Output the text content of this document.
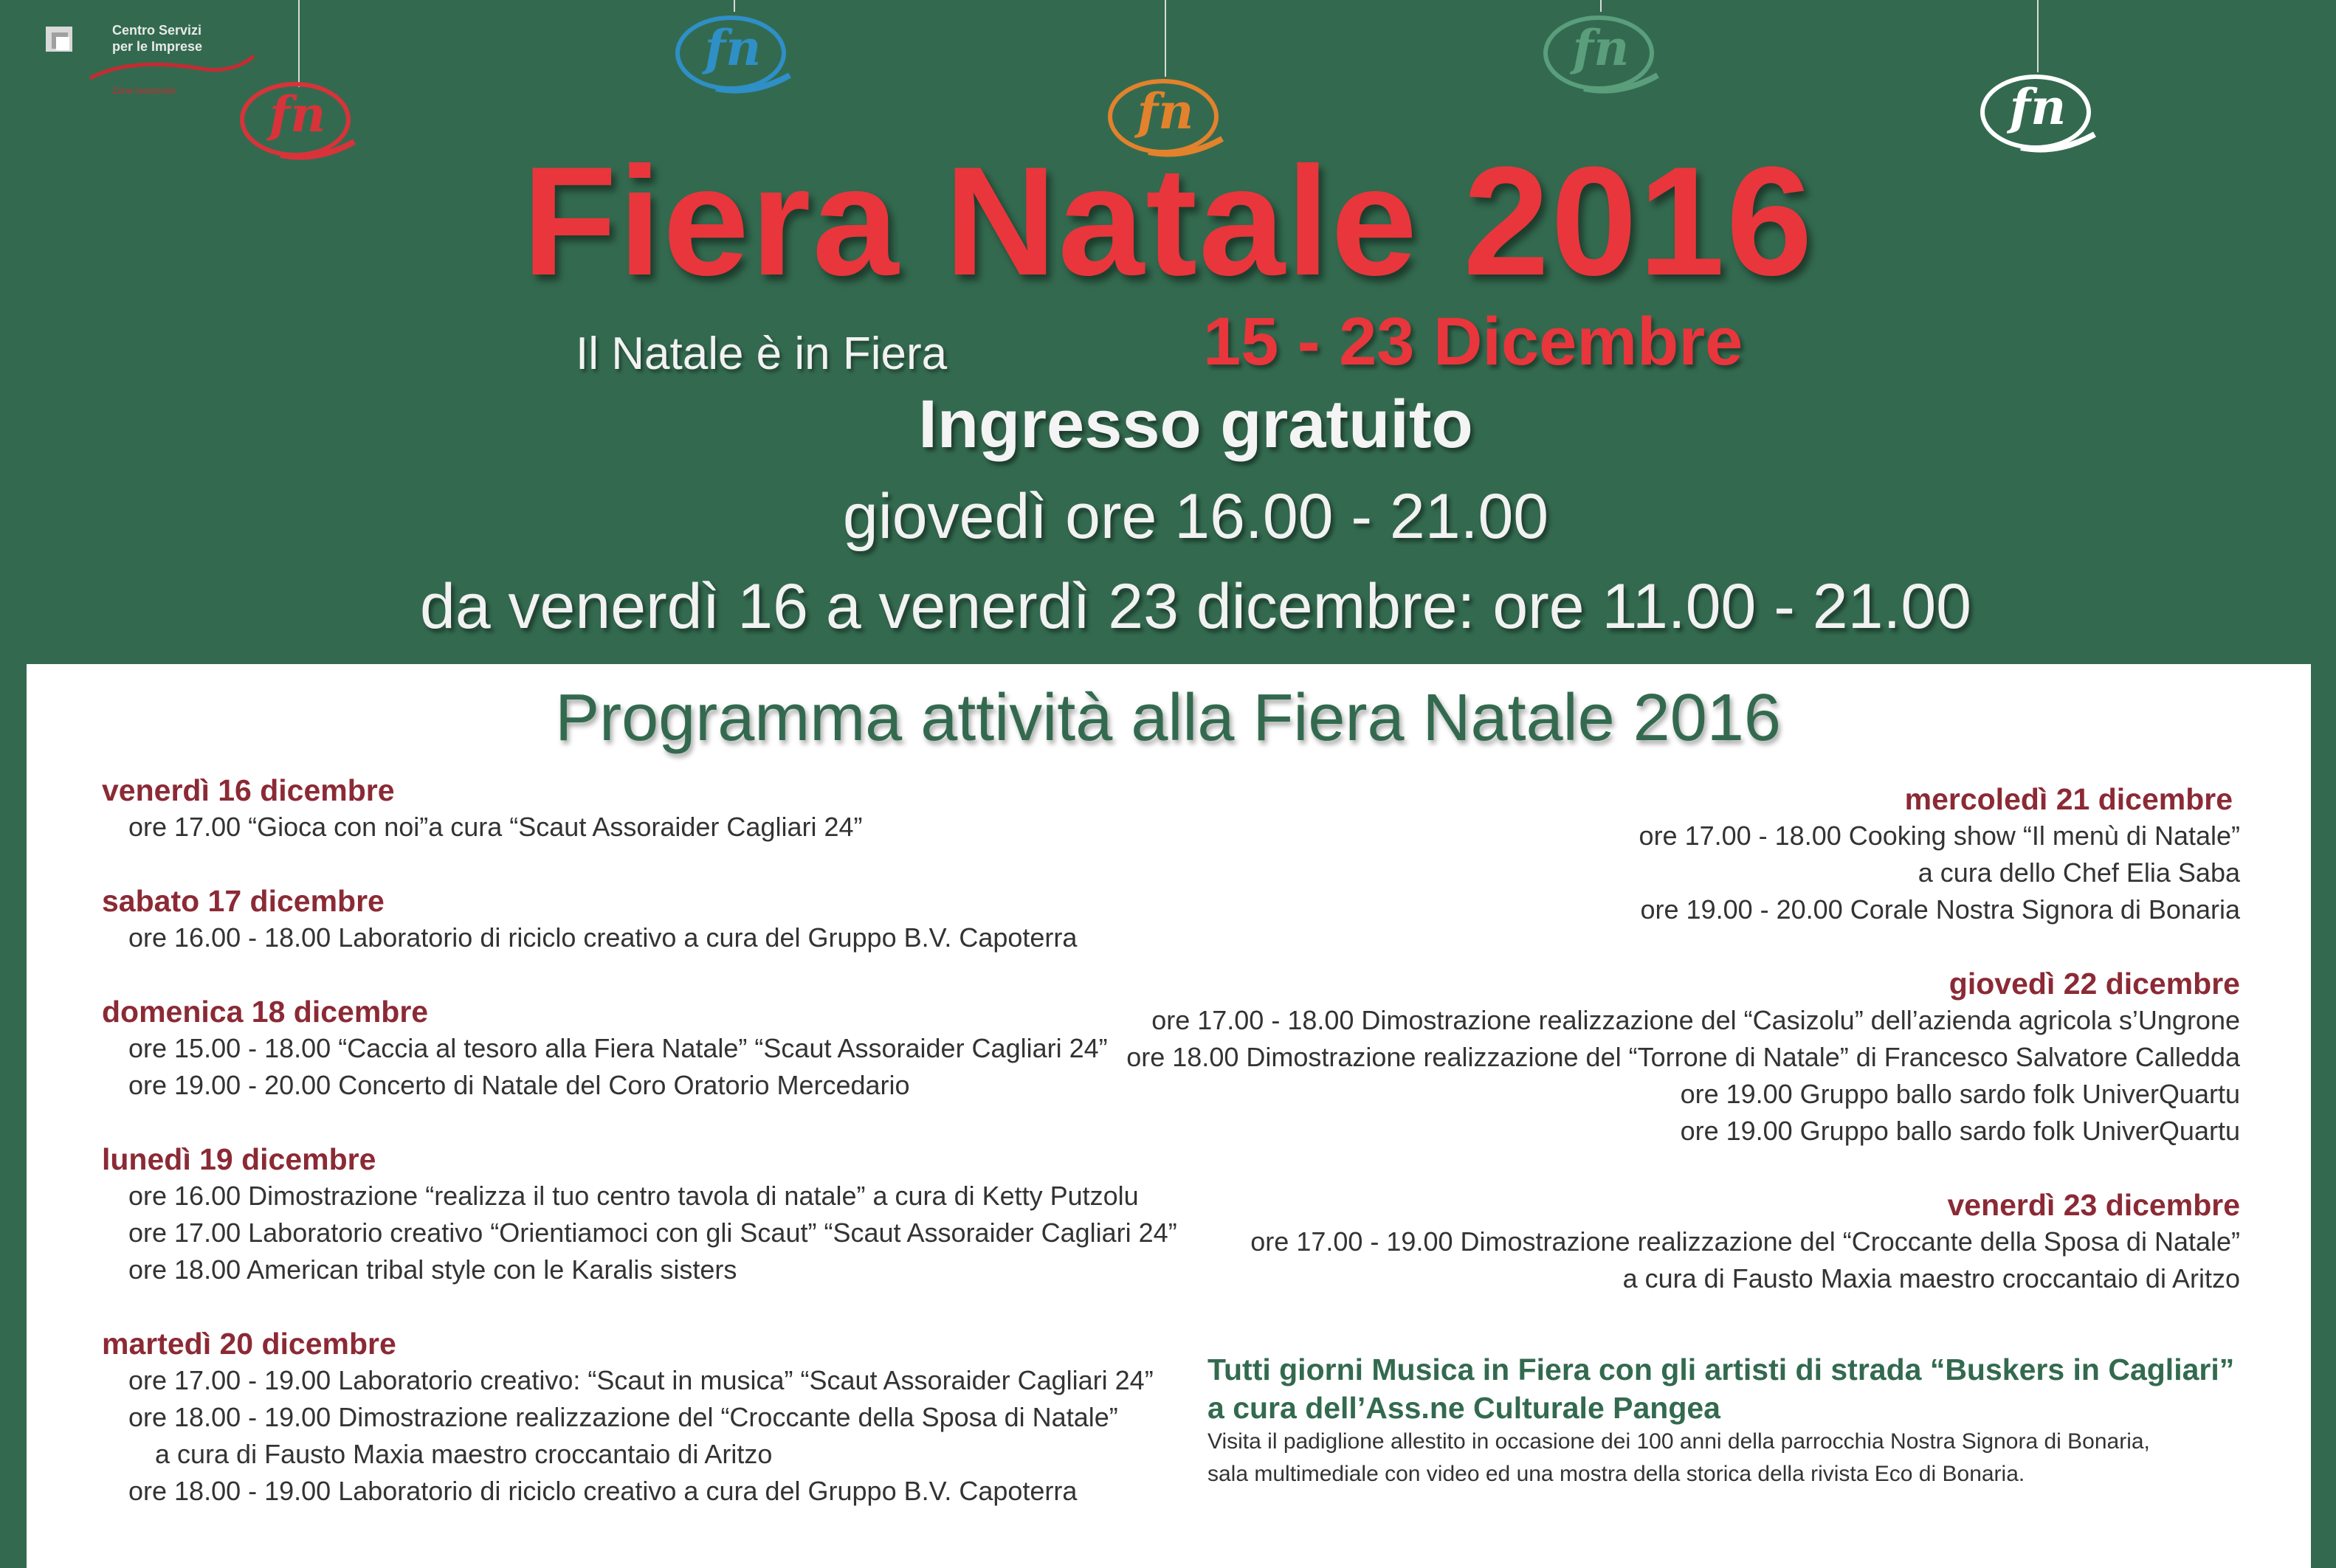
Centro Servizi
per le Imprese
Zona Industriale	fn
fn
fn
fn
fn
Fiera Natale 2016
Il Natale è in Fiera	15 - 23 Dicembre
Ingresso gratuito
giovedì ore 16.00 - 21.00
da venerdì 16 a venerdì 23 dicembre: ore 11.00 - 21.00
Programma attività alla Fiera Natale 2016
venerdì 16 dicembre
ore 17.00 “Gioca con noi”a cura “Scaut Assoraider Cagliari 24”
sabato 17 dicembre
ore 16.00 - 18.00 Laboratorio di riciclo creativo a cura del Gruppo B.V. Capoterra
domenica 18 dicembre
ore 15.00 - 18.00 “Caccia al tesoro alla Fiera Natale” “Scaut Assoraider Cagliari 24”
ore 19.00 - 20.00 Concerto di Natale del Coro Oratorio Mercedario
lunedì 19 dicembre
ore 16.00 Dimostrazione “realizza il tuo centro tavola di natale” a cura di Ketty Putzolu
ore 17.00 Laboratorio creativo “Orientiamoci con gli Scaut” “Scaut Assoraider Cagliari 24”
ore 18.00 American tribal style con le Karalis sisters
martedì 20 dicembre
ore 17.00 - 19.00 Laboratorio creativo: “Scaut in musica” “Scaut Assoraider Cagliari 24”
ore 18.00 - 19.00 Dimostrazione realizzazione del “Croccante della Sposa di Natale”
a cura di Fausto Maxia maestro croccantaio di Aritzo
ore 18.00 - 19.00 Laboratorio di riciclo creativo a cura del Gruppo B.V. Capoterra
mercoledì 21 dicembre
ore 17.00 - 18.00 Cooking show “Il menù di Natale”
a cura dello Chef Elia Saba
ore 19.00 - 20.00 Corale Nostra Signora di Bonaria
giovedì 22 dicembre
ore 17.00 - 18.00 Dimostrazione realizzazione del “Casizolu” dell’azienda agricola s’Ungrone
ore 18.00 Dimostrazione realizzazione del “Torrone di Natale” di Francesco Salvatore Calledda
ore 19.00 Gruppo ballo sardo folk UniverQuartu
ore 19.00 Gruppo ballo sardo folk UniverQuartu
venerdì 23 dicembre
ore 17.00 - 19.00 Dimostrazione realizzazione del “Croccante della Sposa di Natale”
a cura di Fausto Maxia maestro croccantaio di Aritzo
Tutti giorni Musica in Fiera con gli artisti di strada “Buskers in Cagliari”
a cura dell’Ass.ne Culturale Pangea
Visita il padiglione allestito in occasione dei 100 anni della parrocchia Nostra Signora di Bonaria,
sala multimediale con video ed una mostra della storica della rivista Eco di Bonaria.
